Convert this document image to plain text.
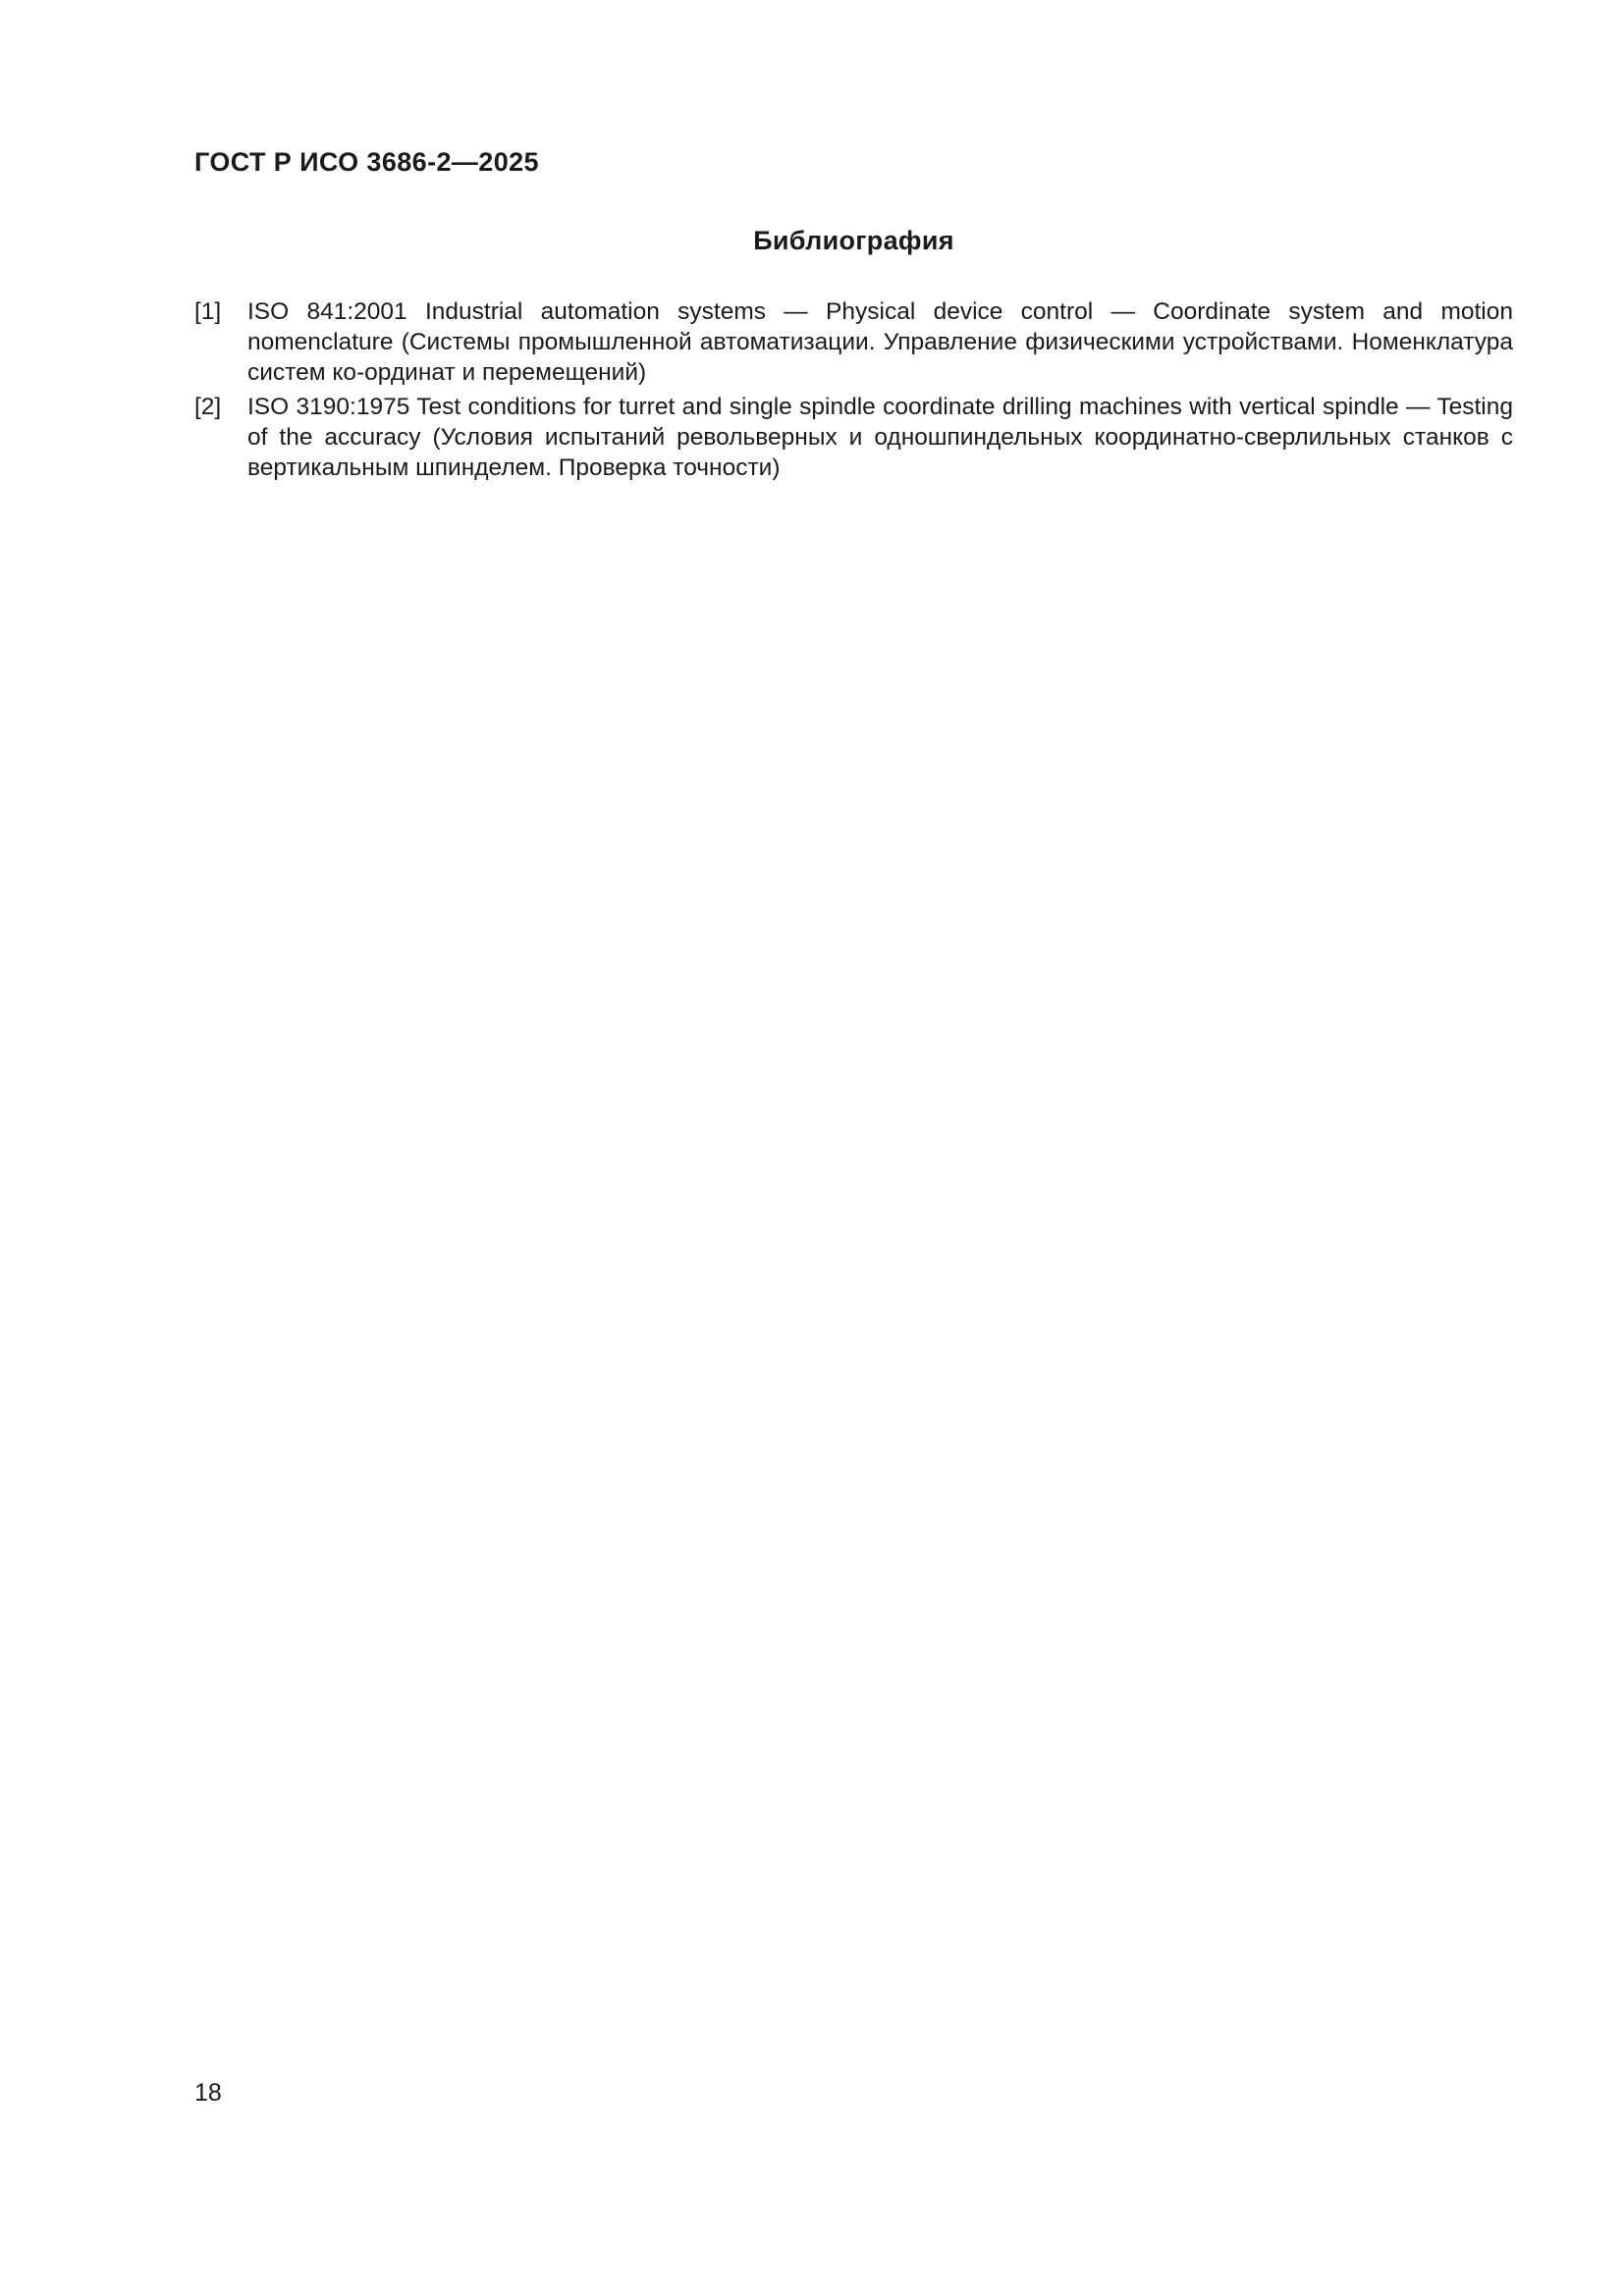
ГОСТ Р ИСО 3686-2—2025
Библиография
[1] ISO 841:2001 Industrial automation systems — Physical device control — Coordinate system and motion nomenclature (Системы промышленной автоматизации. Управление физическими устройствами. Номенклатура систем ко-ординат и перемещений)
[2] ISO 3190:1975 Test conditions for turret and single spindle coordinate drilling machines with vertical spindle — Testing of the accuracy (Условия испытаний револьверных и одношпиндельных координатно-сверлильных станков с вертикальным шпинделем. Проверка точности)
18
